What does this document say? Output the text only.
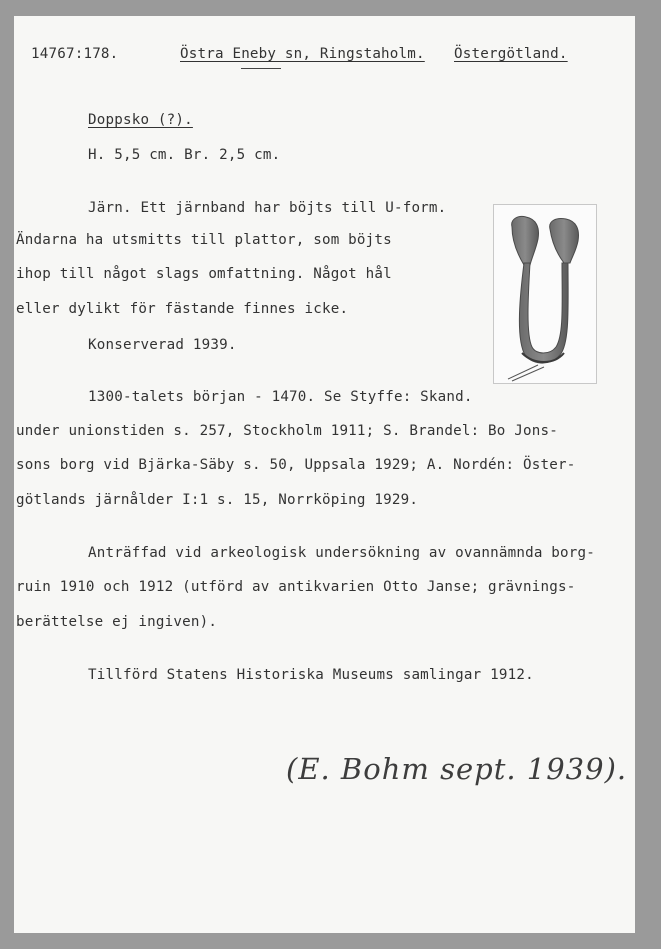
14767:178.	Östra Eneby sn, Ringstaholm. Östergötland.
Doppsko (?).
H. 5,5 cm. Br. 2,5 cm.
Järn. Ett järnband har böjts till U-form.
Ändarna ha utsmitts till plattor, som böjts
ihop till något slags omfattning. Något hål
eller dylikt för fästande finnes icke.
Konserverad 1939.
1300-talets början - 1470. Se Styffe: Skand.
under unionstiden s. 257, Stockholm 1911; S. Brandel: Bo Jons-
sons borg vid Bjärka-Säby s. 50, Uppsala 1929; A. Nordén: Öster-
götlands järnålder I:1 s. 15, Norrköping 1929.
Anträffad vid arkeologisk undersökning av ovannämnda borg-
ruin 1910 och 1912 (utförd av antikvarien Otto Janse; grävnings-
berättelse ej ingiven).
Tillförd Statens Historiska Museums samlingar 1912.
(E. Bohm sept. 1939).
